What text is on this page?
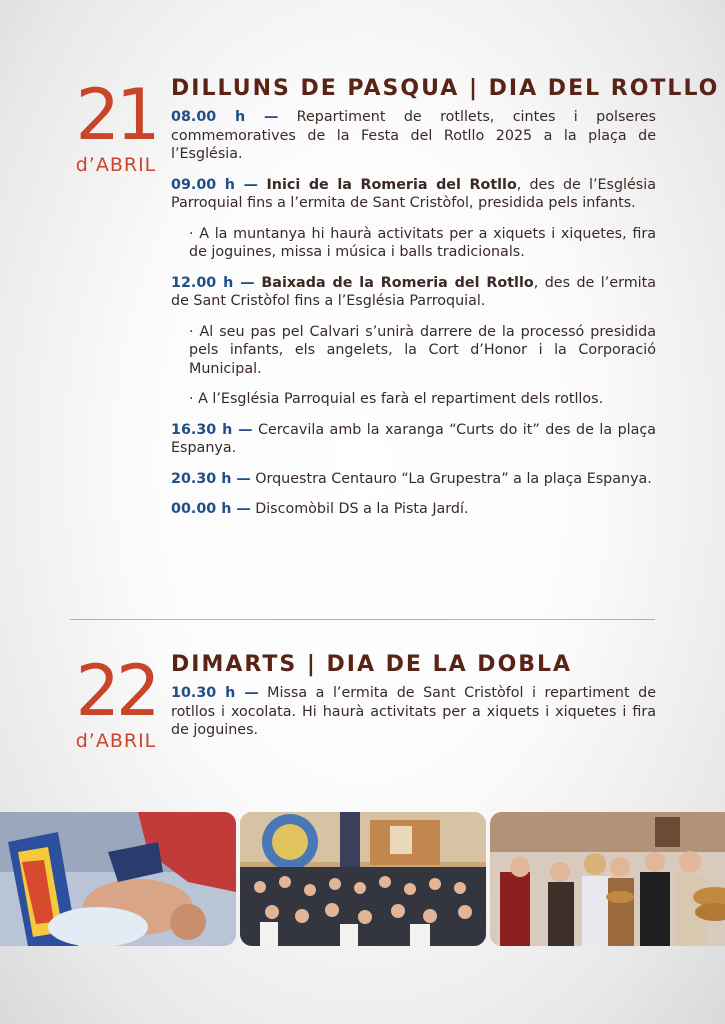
21
d’ABRIL
DILLUNS DE PASQUA | DIA DEL ROTLLO

08.00 h — Repartiment de rotllets, cintes i polseres commemoratives de la Festa del Rotllo 2025 a la plaça de l’Església.

09.00 h — Inici de la Romeria del Rotllo, des de l’Església Parroquial fins a l’ermita de Sant Cristòfol, presidida pels infants.

· A la muntanya hi haurà activitats per a xiquets i xiquetes, fira de joguines, missa i música i balls tradicionals.

12.00 h — Baixada de la Romeria del Rotllo, des de l’ermita de Sant Cristòfol fins a l’Església Parroquial.

· Al seu pas pel Calvari s’unirà darrere de la processó presidida pels infants, els angelets, la Cort d’Honor i la Corporació Municipal.

· A l’Església Parroquial es farà el repartiment dels rotllos.

16.30 h — Cercavila amb la xaranga “Curts do it” des de la plaça Espanya.

20.30 h — Orquestra Centauro “La Grupestra” a la plaça Espanya.

00.00 h — Discomòbil DS a la Pista Jardí.

22
d’ABRIL
DIMARTS | DIA DE LA DOBLA

10.30 h — Missa a l’ermita de Sant Cristòfol i repartiment de rotllos i xocolata. Hi haurà activitats per a xiquets i xiquetes i fira de joguines.
